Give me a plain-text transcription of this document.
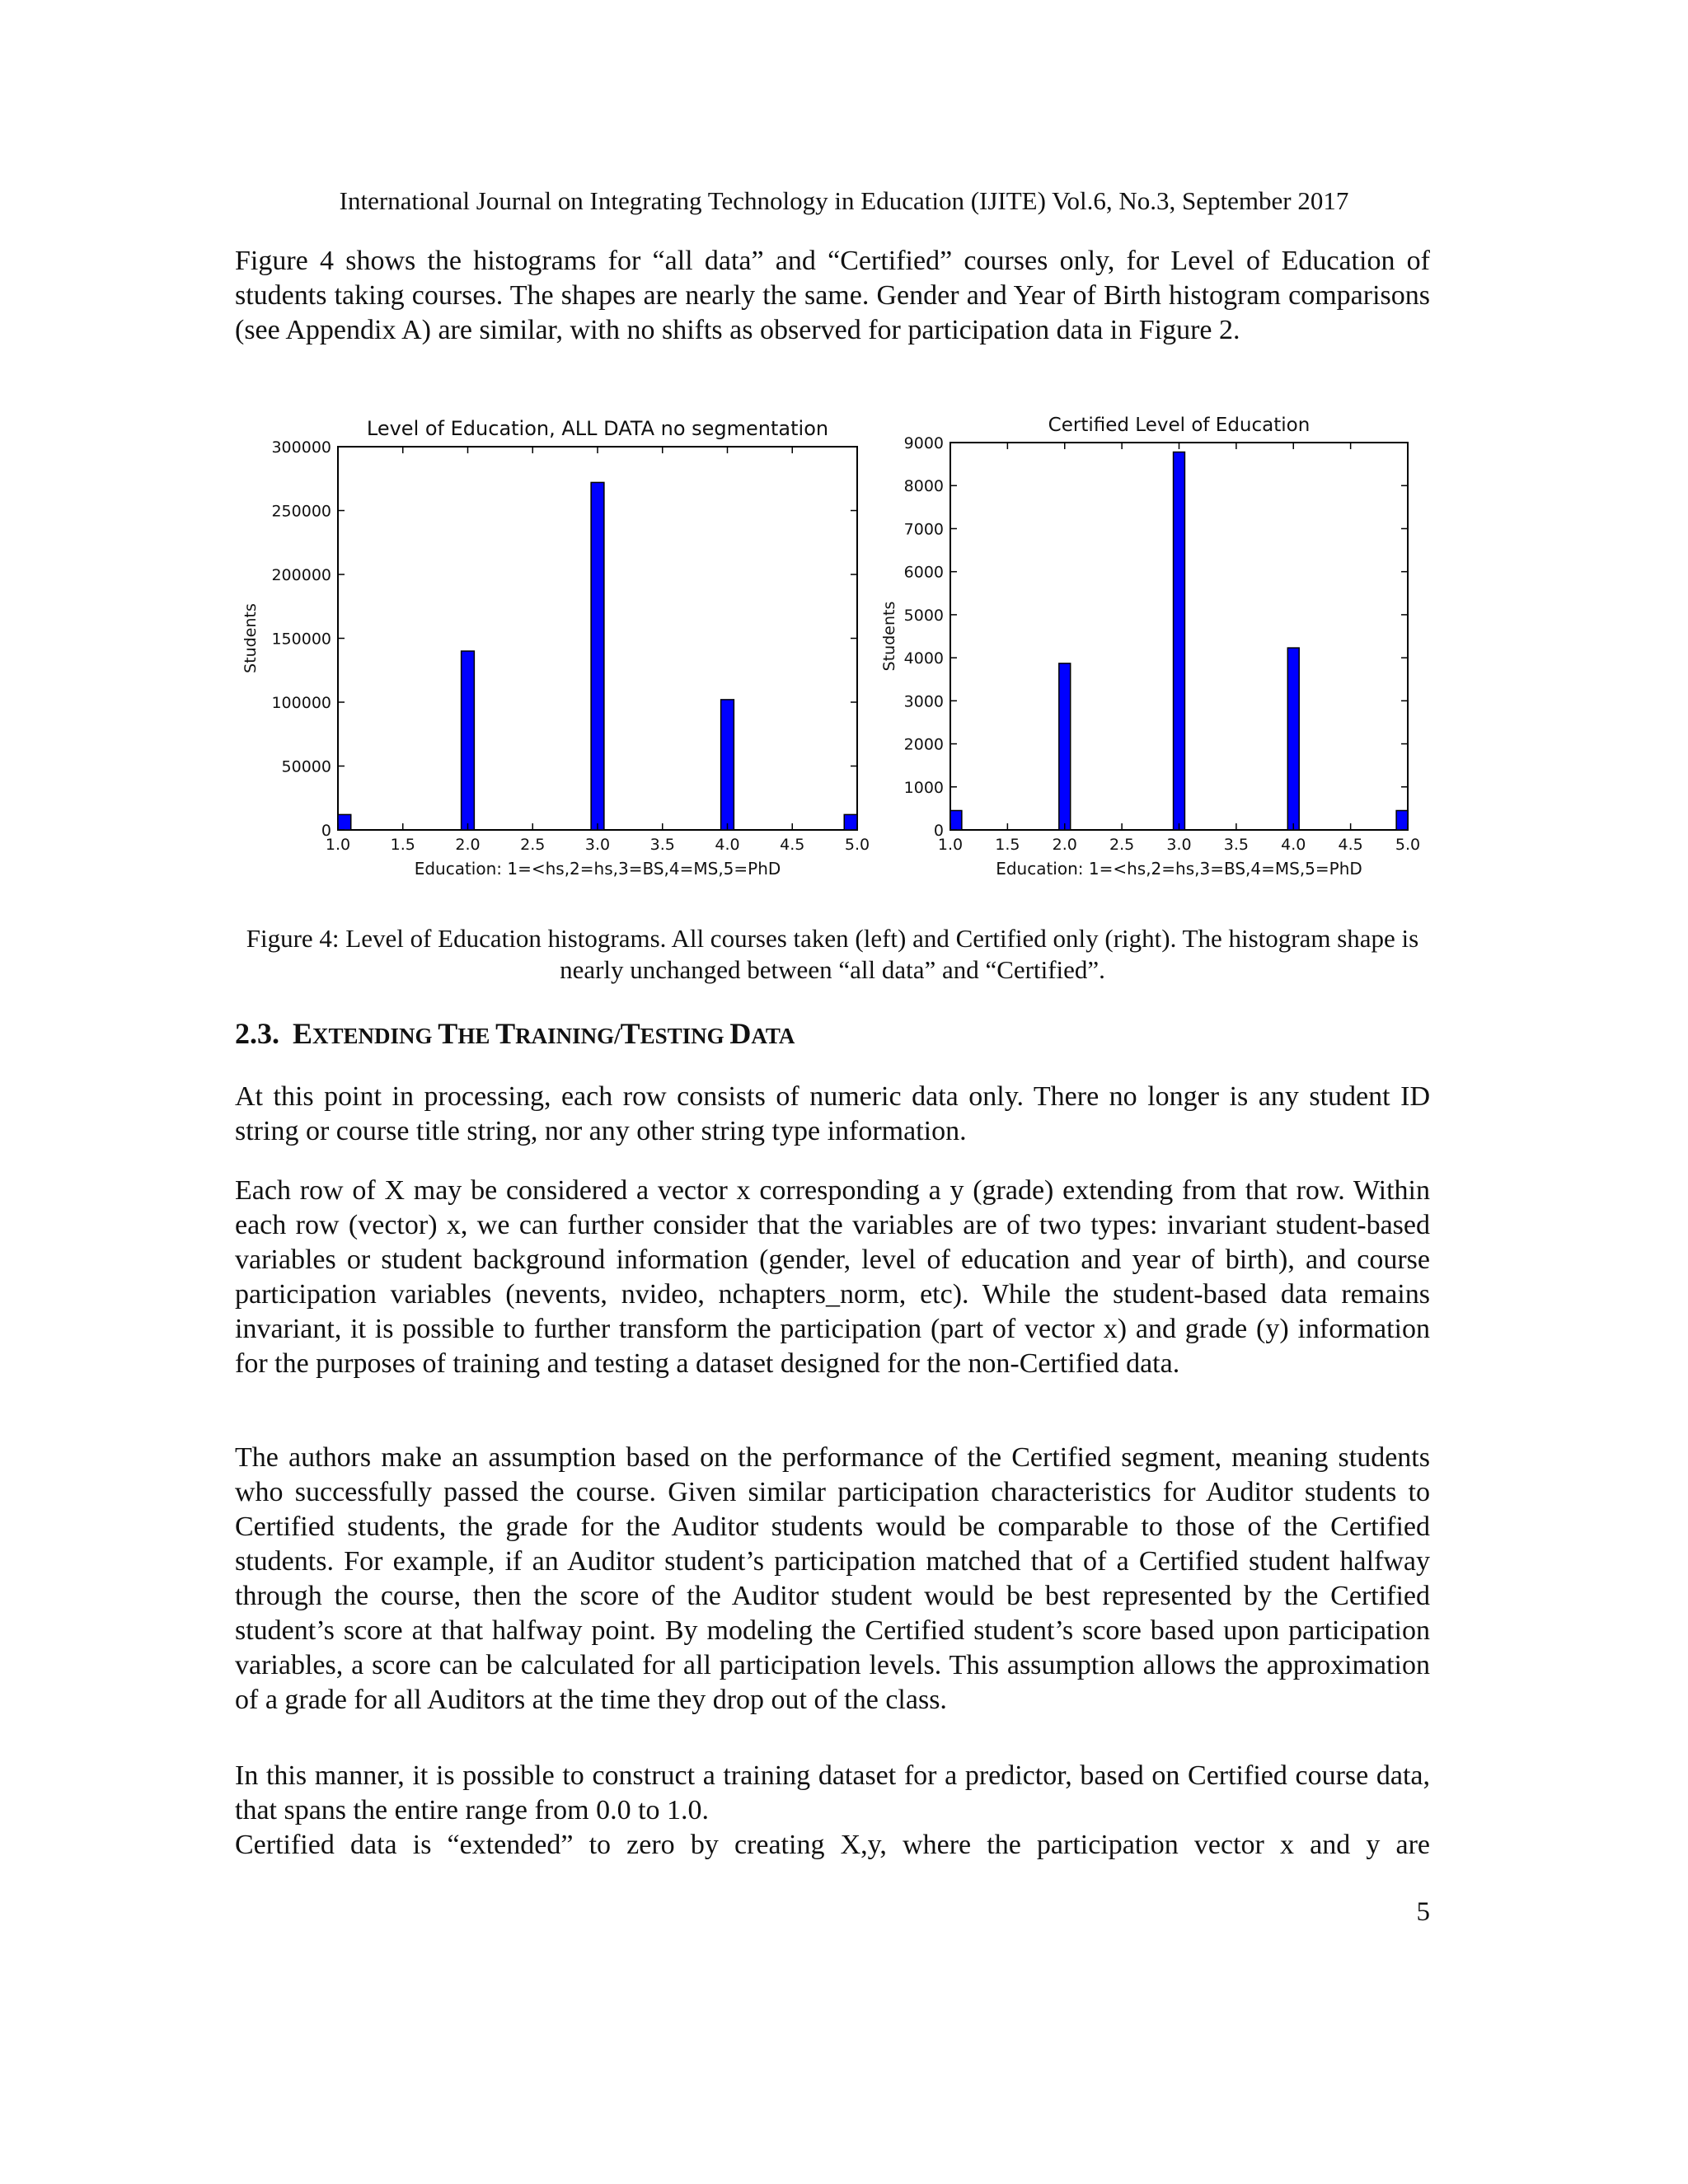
International Journal on Integrating Technology in Education (IJITE) Vol.6, No.3, September 2017
Figure 4 shows the histograms for “all data” and “Certified” courses only, for Level of Education of students taking courses. The shapes are nearly the same. Gender and Year of Birth histogram comparisons (see Appendix A) are similar, with no shifts as observed for participation data in Figure 2.
Level of Education, ALL DATA no segmentation
0
50000
100000
150000
200000
250000
300000
1.0	1.5	2.0	2.5	3.0	3.5	4.0	4.5	5.0
Education: 1=<hs,2=hs,3=BS,4=MS,5=PhD
Students
Certified Level of Education
0
1000
2000
3000
4000
5000
6000
7000
8000
9000
1.0 1.5 2.0 2.5 3.0 3.5 4.0 4.5 5.0
Education: 1=<hs,2=hs,3=BS,4=MS,5=PhD
Students
Figure 4: Level of Education histograms. All courses taken (left) and Certified only (right). The histogram shape is nearly unchanged between “all data” and “Certified”.
2.3. EXTENDING THE TRAINING/TESTING DATA
At this point in processing, each row consists of numeric data only. There no longer is any student ID string or course title string, nor any other string type information.
Each row of X may be considered a vector x corresponding a y (grade) extending from that row. Within each row (vector) x, we can further consider that the variables are of two types: invariant student-based variables or student background information (gender, level of education and year of birth), and course participation variables (nevents, nvideo, nchapters_norm, etc). While the student-based data remains invariant, it is possible to further transform the participation (part of vector x) and grade (y) information for the purposes of training and testing a dataset designed for the non-Certified data.
The authors make an assumption based on the performance of the Certified segment, meaning students who successfully passed the course. Given similar participation characteristics for Auditor students to Certified students, the grade for the Auditor students would be comparable to those of the Certified students. For example, if an Auditor student’s participation matched that of a Certified student halfway through the course, then the score of the Auditor student would be best represented by the Certified student’s score at that halfway point. By modeling the Certified student’s score based upon participation variables, a score can be calculated for all participation levels. This assumption allows the approximation of a grade for all Auditors at the time they drop out of the class.
In this manner, it is possible to construct a training dataset for a predictor, based on Certified course data, that spans the entire range from 0.0 to 1.0.
Certified data is “extended” to zero by creating X,y, where the participation vector x and y are
5
